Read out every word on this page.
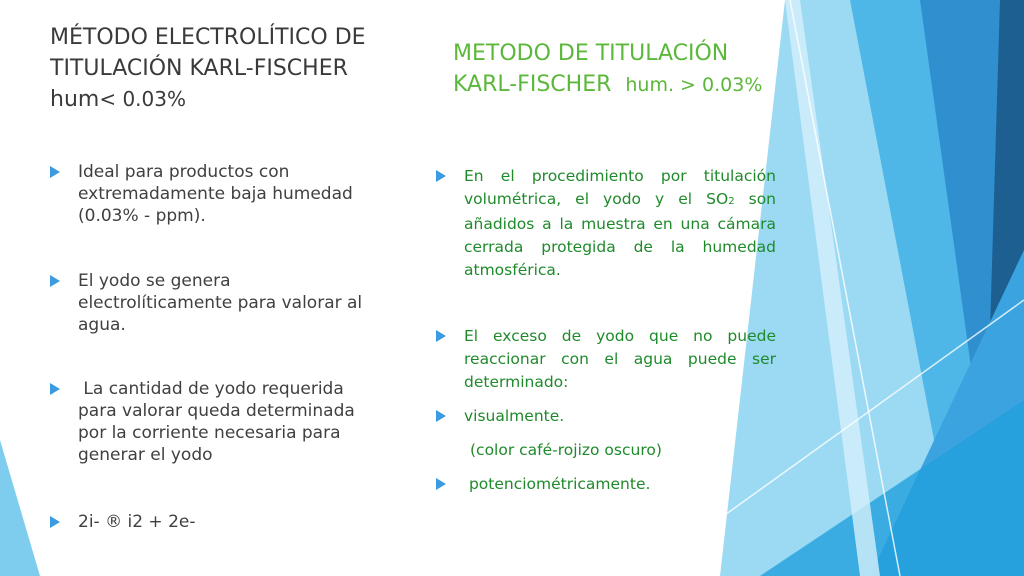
MÉTODO ELECTROLÍTICO DE
TITULACIÓN KARL-FISCHER
hum< 0.03%
METODO DE TITULACIÓN
KARL-FISCHER hum. > 0.03%
Ideal para productos con extremadamente baja humedad (0.03% - ppm).
El yodo se genera electrolíticamente para valorar al agua.
La cantidad de yodo requerida para valorar queda determinada por la corriente necesaria para generar el yodo
2i- ® i2 + 2e-
En el procedimiento por titulación volumétrica, el yodo y el SO2 son añadidos a la muestra en una cámara cerrada protegida de la humedad atmosférica.
El exceso de yodo que no puede reaccionar con el agua puede ser determinado:
visualmente.
(color café-rojizo oscuro)
potenciométricamente.
